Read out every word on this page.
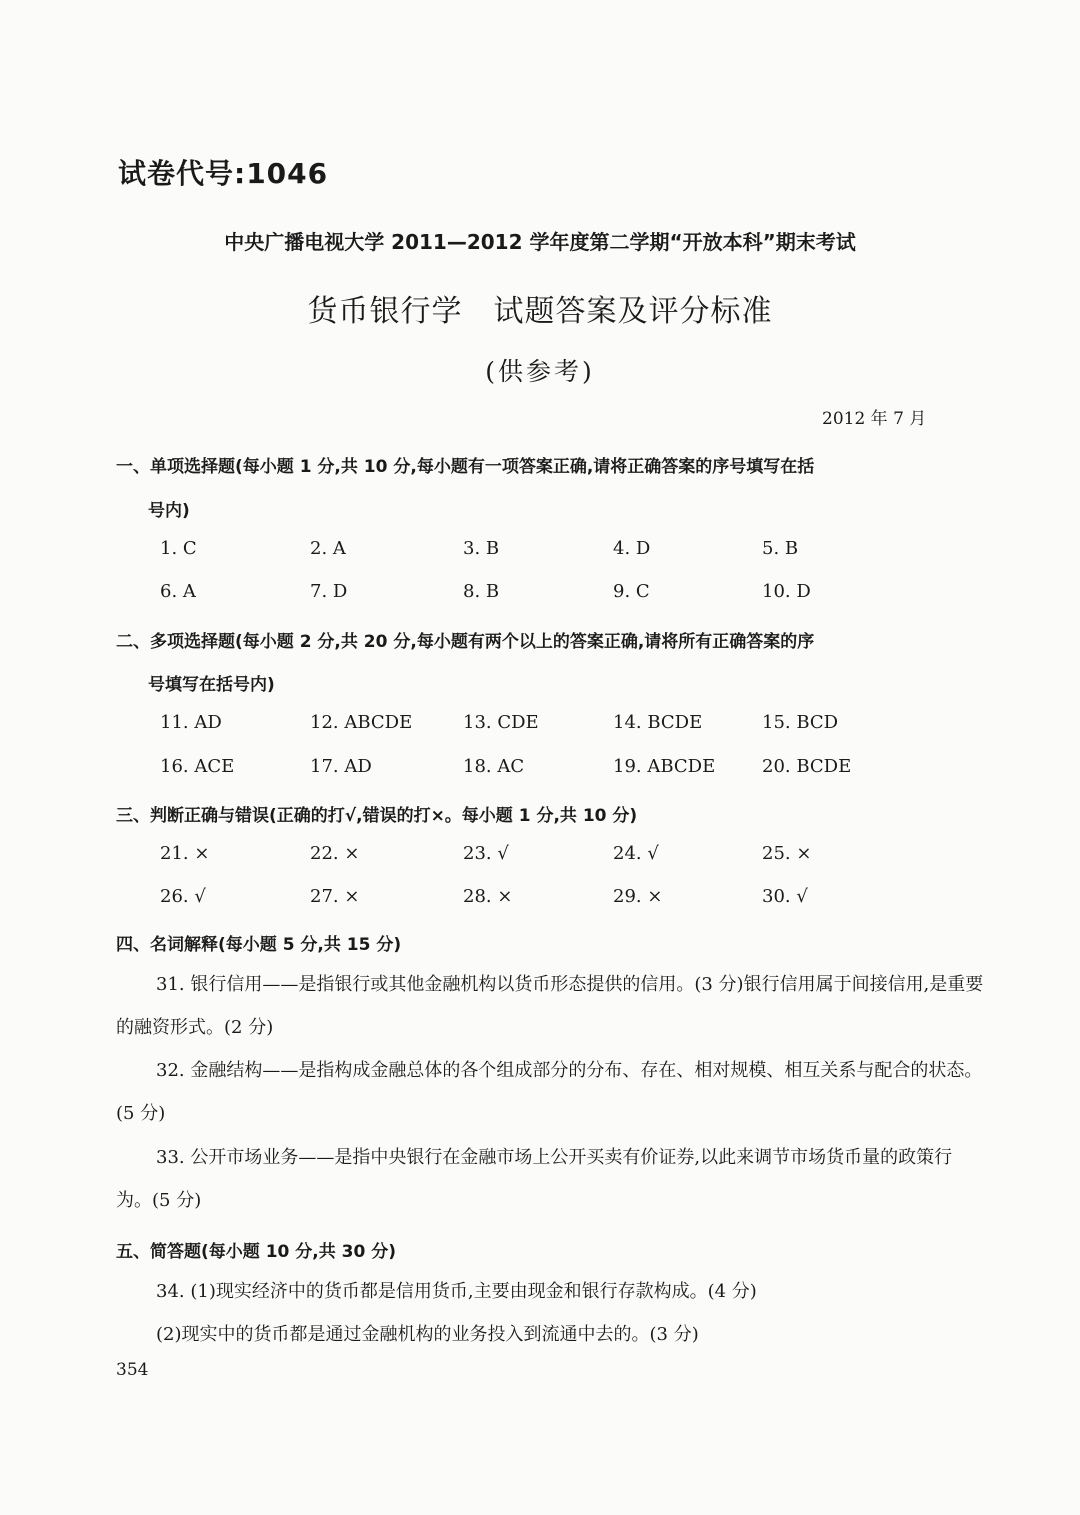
试卷代号:1046
中央广播电视大学 2011—2012 学年度第二学期“开放本科”期末考试
货币银行学　试题答案及评分标准
(供参考)
2012 年 7 月
一、单项选择题(每小题 1 分,共 10 分,每小题有一项答案正确,请将正确答案的序号填写在括
号内)
1. C	2. A	3. B	4. D	5. B
6. A	7. D	8. B	9. C	10. D
二、多项选择题(每小题 2 分,共 20 分,每小题有两个以上的答案正确,请将所有正确答案的序
号填写在括号内)
11. AD	12. ABCDE	13. CDE	14. BCDE	15. BCD
16. ACE	17. AD	18. AC	19. ABCDE	20. BCDE
三、判断正确与错误(正确的打√,错误的打×。每小题 1 分,共 10 分)
21. ×	22. ×	23. √	24. √	25. ×
26. √	27. ×	28. ×	29. ×	30. √
四、名词解释(每小题 5 分,共 15 分)
31. 银行信用——是指银行或其他金融机构以货币形态提供的信用。(3 分)银行信用属于间接信用,是重要的融资形式。(2 分)
32. 金融结构——是指构成金融总体的各个组成部分的分布、存在、相对规模、相互关系与配合的状态。(5 分)
33. 公开市场业务——是指中央银行在金融市场上公开买卖有价证券,以此来调节市场货币量的政策行为。(5 分)
五、简答题(每小题 10 分,共 30 分)
34. (1)现实经济中的货币都是信用货币,主要由现金和银行存款构成。(4 分)
(2)现实中的货币都是通过金融机构的业务投入到流通中去的。(3 分)
354
